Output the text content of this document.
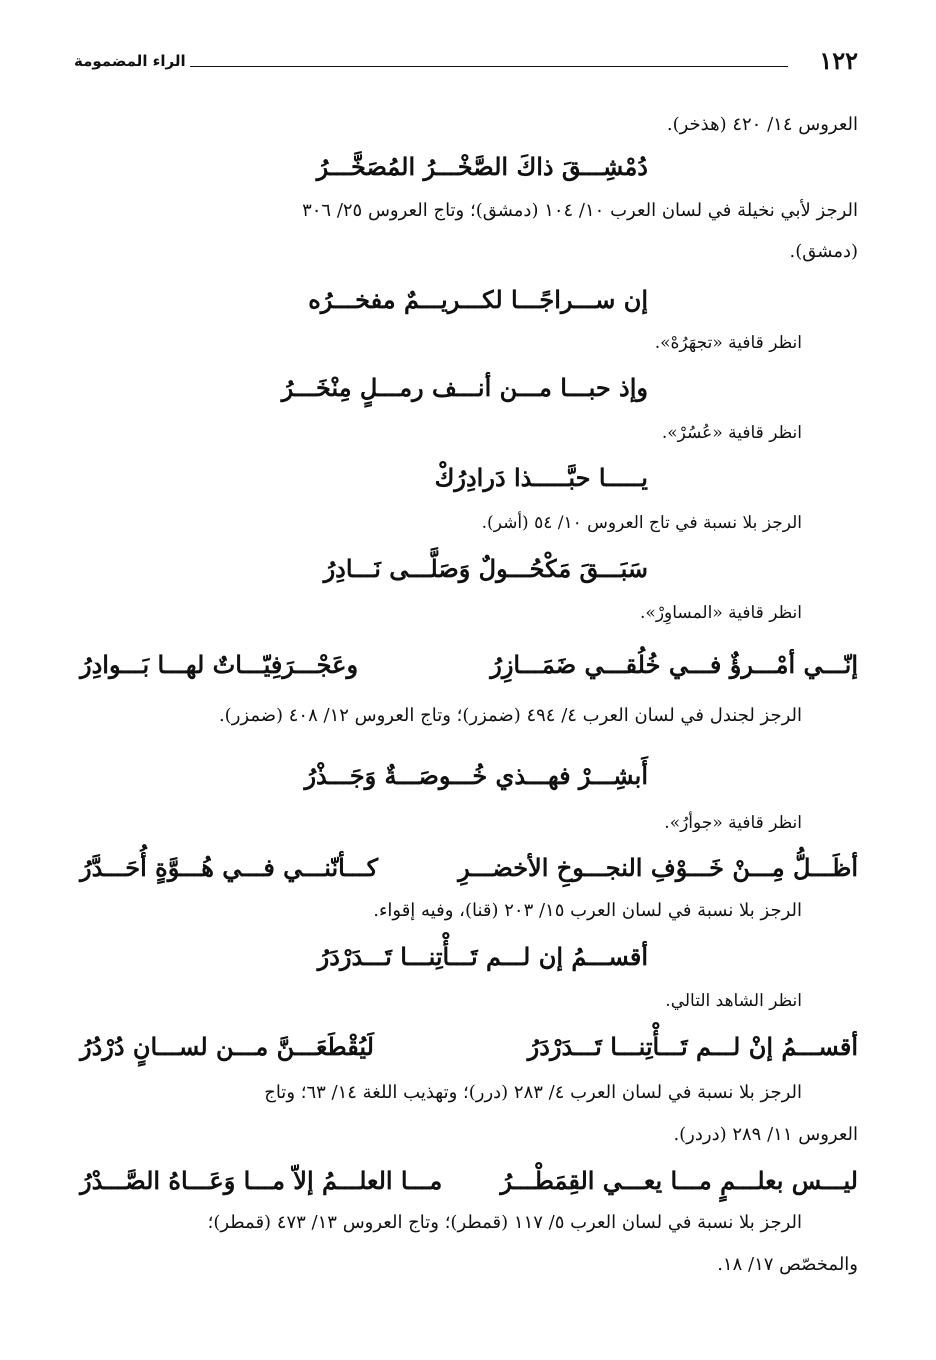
١٢٢
الراء المضمومة
العروس ١٤/ ٤٢٠ (هذخر).
دُمْشِـــقَ ذاكَ الصَّخْـــرُ المُصَخَّـــرُ
الرجز لأبي نخيلة في لسان العرب ١٠/ ١٠٤ (دمشق)؛ وتاج العروس ٢٥/ ٣٠٦
(دمشق).
إن ســـراجًـــا لكـــريـــمٌ مفخـــرُه
انظر قافية «تجهَرُهْ».
وإذ حبـــا مـــن أنـــف رمـــلٍ مِنْخَـــرُ
انظر قافية «عُسُرْ».
يـــــا حبَّـــــذا دَرادِرُكْ
الرجز بلا نسبة في تاج العروس ١٠/ ٥٤ (أشر).
سَبَـــقَ مَكْحُـــولٌ وَصَلَّـــى نَـــادِرُ
انظر قافية «المساوِرْ».
إنّـــي أمْـــرؤٌ فـــي خُلُقـــي ضَمَـــازِرُ
وعَجْـــرَفِيّـــاتٌ لهـــا بَـــوادِرُ
الرجز لجندل في لسان العرب ٤/ ٤٩٤ (ضمزر)؛ وتاج العروس ١٢/ ٤٠٨ (ضمزر).
أَبشِـــرْ فهـــذي خُـــوصَـــةٌ وَجَـــذْرُ
انظر قافية «جوأرُ».
أظَـــلُّ مِـــنْ خَـــوْفِ النجـــوخِ الأخضـــرِ
كـــأنّنـــي فـــي هُـــوَّةٍ أُحَـــدَّرُ
الرجز بلا نسبة في لسان العرب ١٥/ ٢٠٣ (قنا)، وفيه إقواء.
أقســـمُ إن لـــم تَـــأْتِنـــا تَـــدَرْدَرُ
انظر الشاهد التالي.
أقســـمُ إنْ لـــم تَـــأْتِنـــا تَـــدَرْدَرُ
لَيُقْطَعَـــنَّ مـــن لســـانٍ دُرْدُرُ
الرجز بلا نسبة في لسان العرب ٤/ ٢٨٣ (درر)؛ وتهذيب اللغة ١٤/ ٦٣؛ وتاج
العروس ١١/ ٢٨٩ (دردر).
ليـــس بعلـــمٍ مـــا يعـــي القِمَطْـــرُ
مـــا العلـــمُ إلاّ مـــا وَعَـــاهُ الصَّـــدْرُ
الرجز بلا نسبة في لسان العرب ٥/ ١١٧ (قمطر)؛ وتاج العروس ١٣/ ٤٧٣ (قمطر)؛
والمخصّص ١٧/ ١٨.
